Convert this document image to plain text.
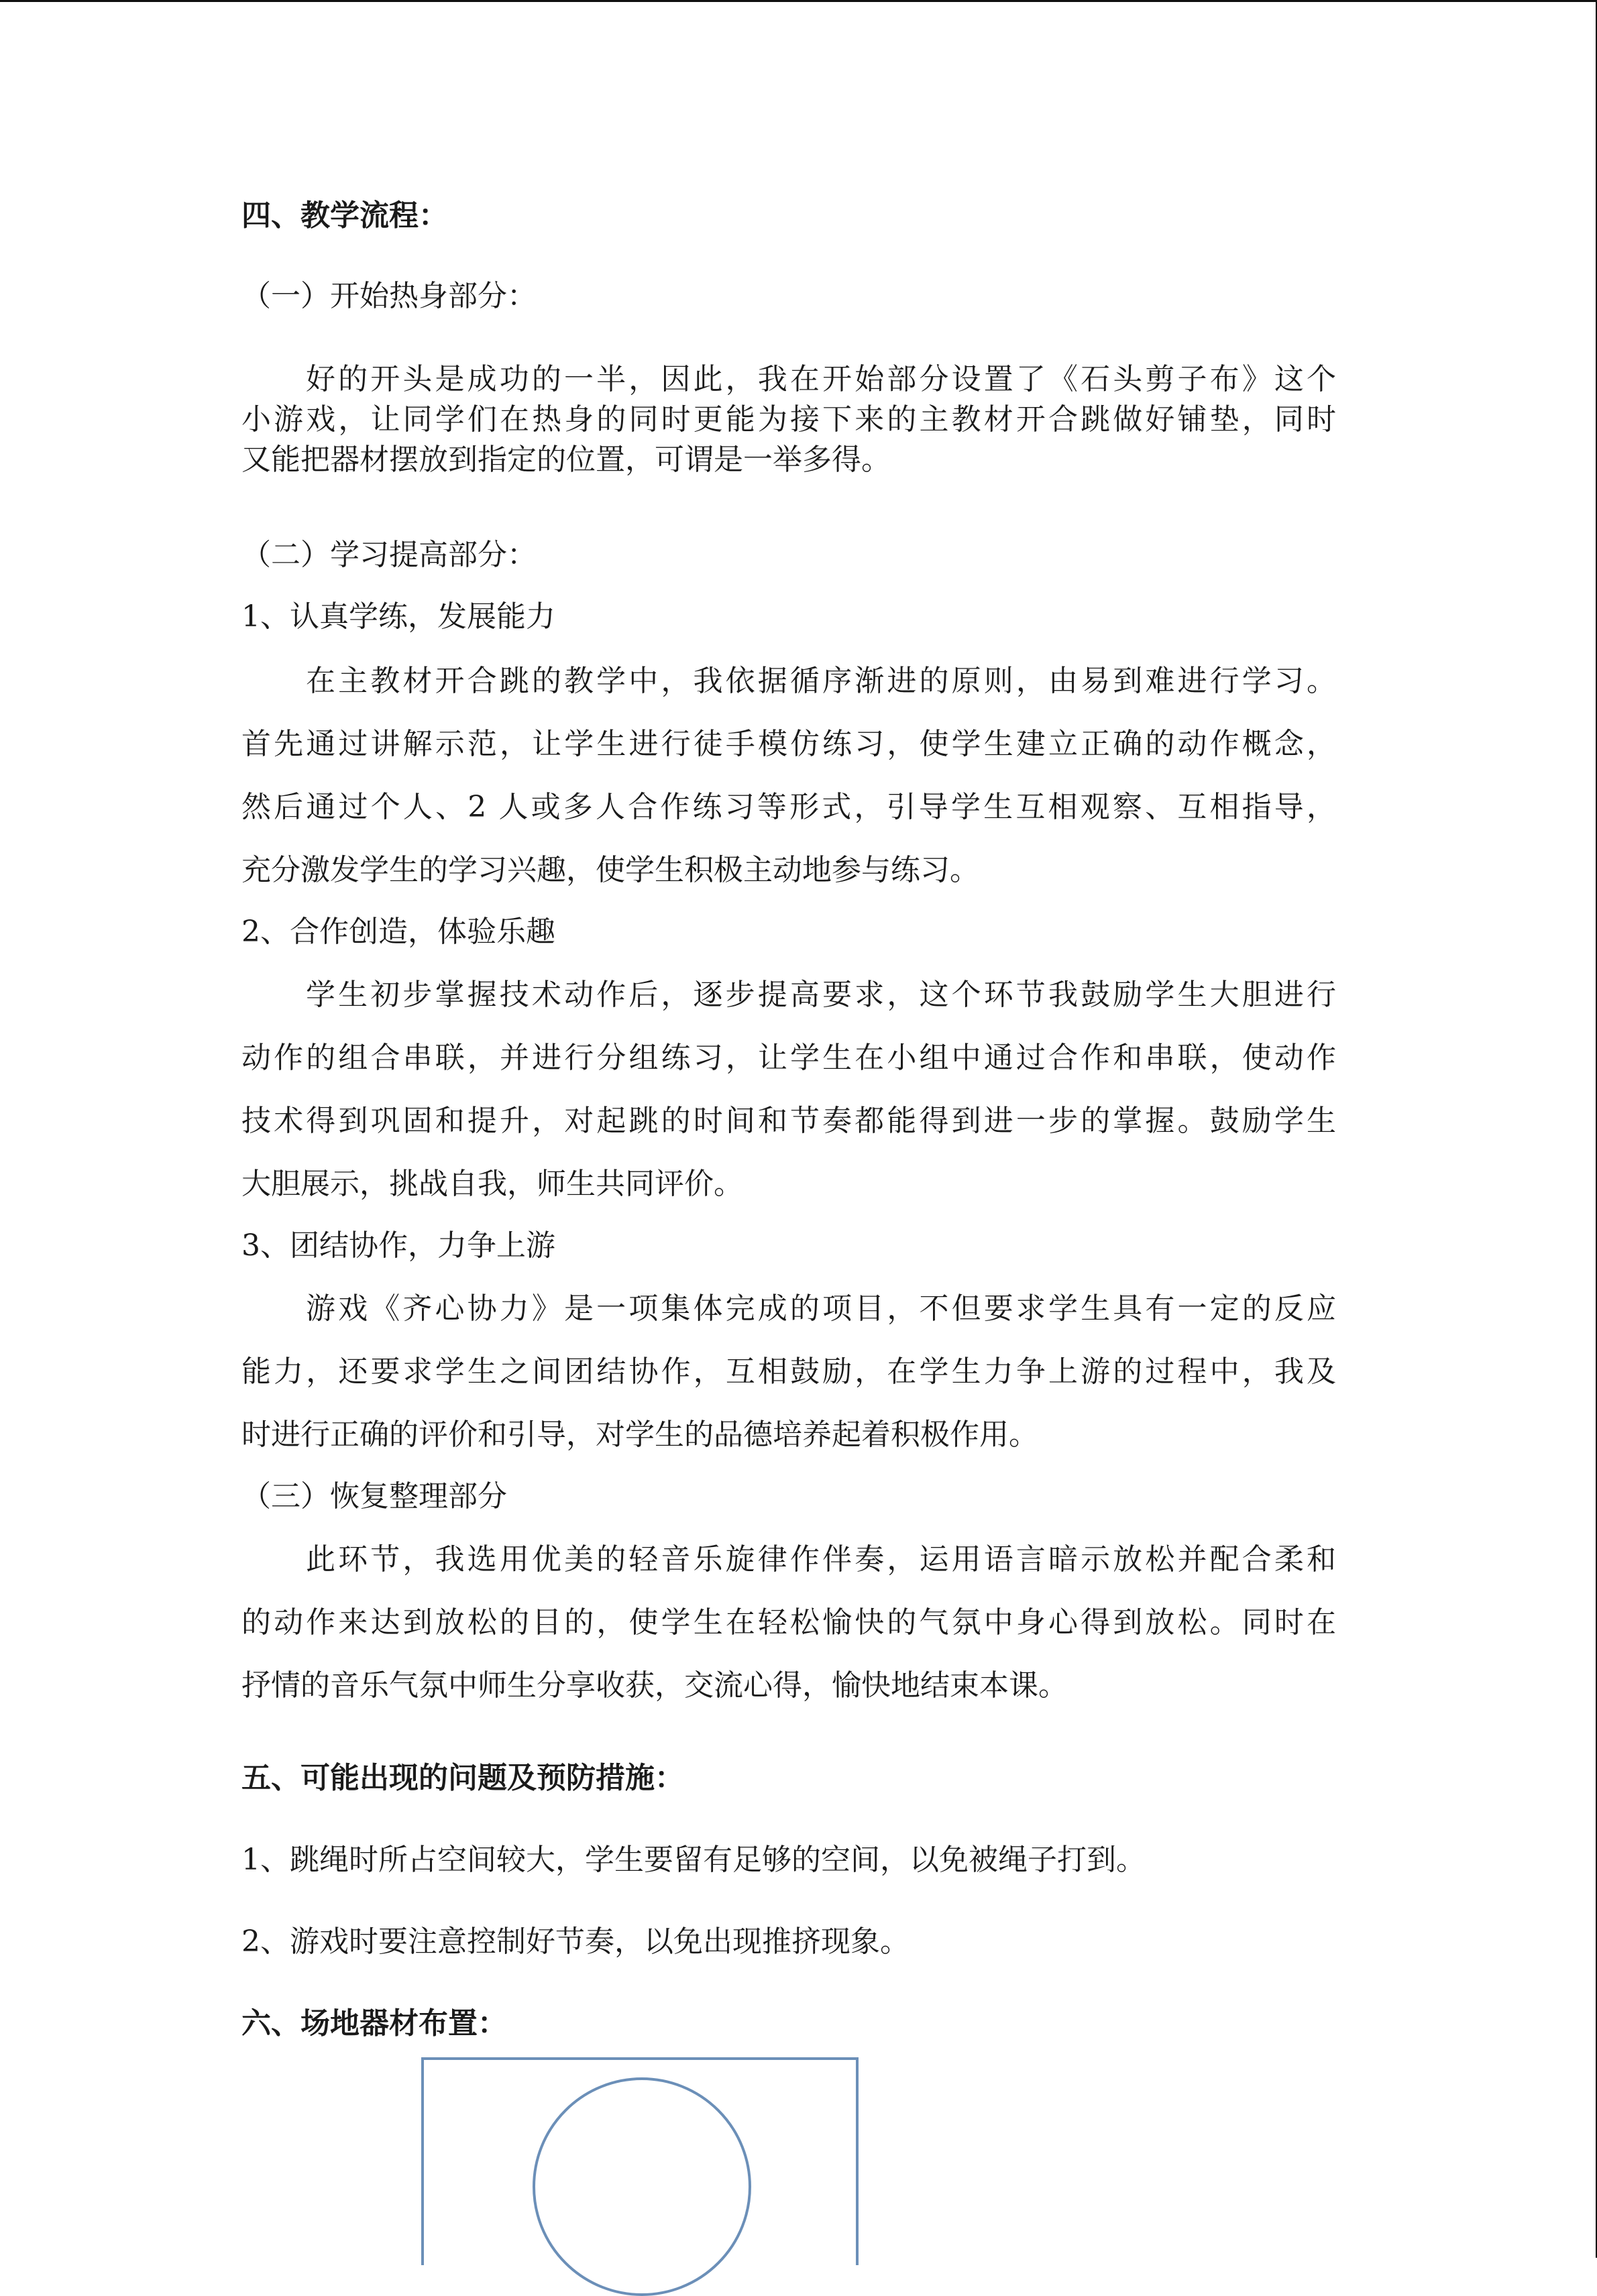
四、教学流程：
（一）开始热身部分：
好的开头是成功的一半，因此，我在开始部分设置了《石头剪子布》这个
小游戏，让同学们在热身的同时更能为接下来的主教材开合跳做好铺垫，同时
又能把器材摆放到指定的位置，可谓是一举多得。
（二）学习提高部分：
1、认真学练，发展能力
在主教材开合跳的教学中，我依据循序渐进的原则，由易到难进行学习。
首先通过讲解示范，让学生进行徒手模仿练习，使学生建立正确的动作概念，
然后通过个人、2 人或多人合作练习等形式，引导学生互相观察、互相指导，
充分激发学生的学习兴趣，使学生积极主动地参与练习。
2、合作创造，体验乐趣
学生初步掌握技术动作后，逐步提高要求，这个环节我鼓励学生大胆进行
动作的组合串联，并进行分组练习，让学生在小组中通过合作和串联，使动作
技术得到巩固和提升，对起跳的时间和节奏都能得到进一步的掌握。鼓励学生
大胆展示，挑战自我，师生共同评价。
3、团结协作，力争上游
游戏《齐心协力》是一项集体完成的项目，不但要求学生具有一定的反应
能力，还要求学生之间团结协作，互相鼓励，在学生力争上游的过程中，我及
时进行正确的评价和引导，对学生的品德培养起着积极作用。
（三）恢复整理部分
此环节，我选用优美的轻音乐旋律作伴奏，运用语言暗示放松并配合柔和
的动作来达到放松的目的，使学生在轻松愉快的气氛中身心得到放松。同时在
抒情的音乐气氛中师生分享收获，交流心得，愉快地结束本课。
五、可能出现的问题及预防措施：
1、跳绳时所占空间较大，学生要留有足够的空间，以免被绳子打到。
2、游戏时要注意控制好节奏，以免出现推挤现象。
六、场地器材布置：
